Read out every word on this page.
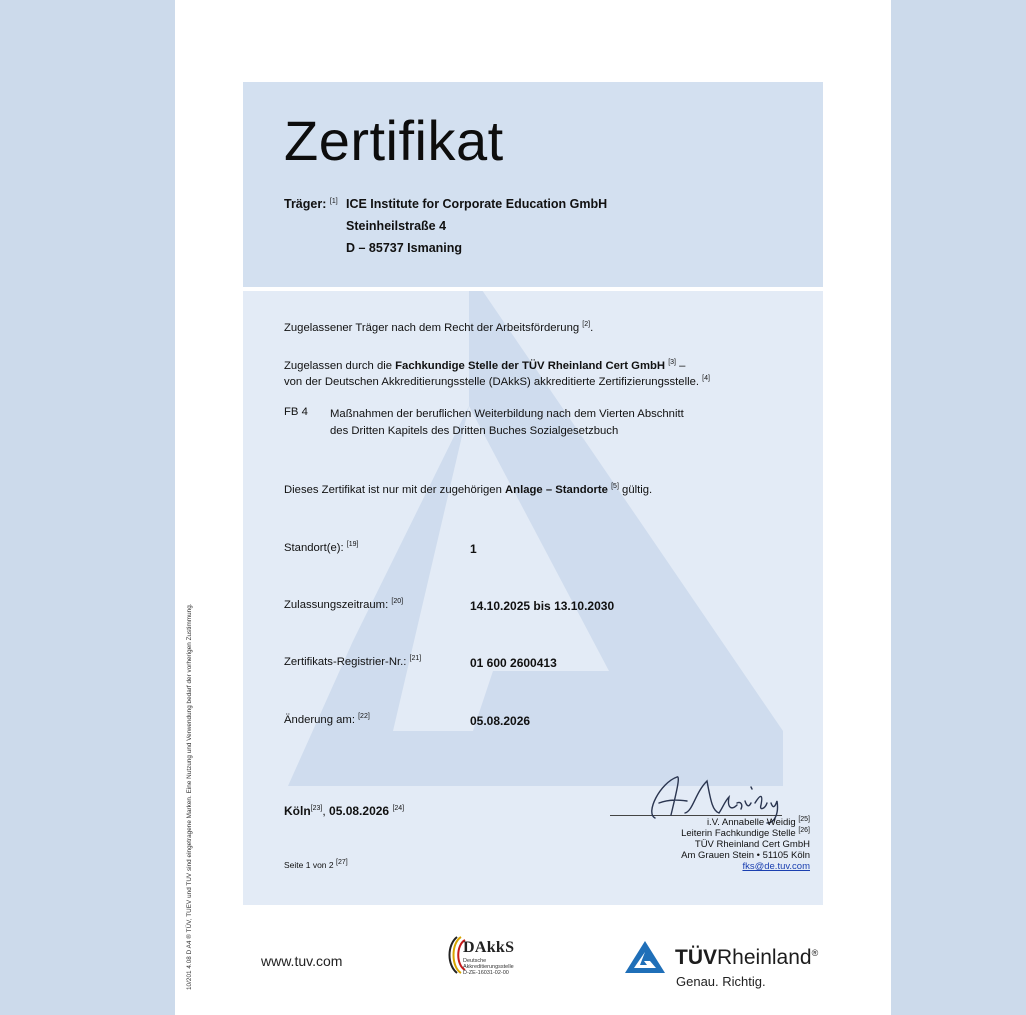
10/201 4.08 D A4 ® TÜV, TUEV und TUV sind eingetragene Marken. Eine Nutzung und Verwendung bedarf der vorherigen Zustimmung.
Zertifikat
Träger: [1] ICE Institute for Corporate Education GmbH
Steinheilstraße 4
D – 85737 Ismaning
Zugelassener Träger nach dem Recht der Arbeitsförderung [2].
Zugelassen durch die Fachkundige Stelle der TÜV Rheinland Cert GmbH [3] –
von der Deutschen Akkreditierungsstelle (DAkkS) akkreditierte Zertifizierungsstelle. [4]
FB 4 Maßnahmen der beruflichen Weiterbildung nach dem Vierten Abschnitt
des Dritten Kapitels des Dritten Buches Sozialgesetzbuch
Dieses Zertifikat ist nur mit der zugehörigen Anlage – Standorte [5] gültig.
Standort(e): [19]	1
Zulassungszeitraum: [20]	14.10.2025 bis 13.10.2030
Zertifikats-Registrier-Nr.: [21]	01 600 2600413
Änderung am: [22]	05.08.2026
Köln[23], 05.08.2026 [24]
Seite 1 von 2 [27]
i.V. Annabelle Weidig [25]
Leiterin Fachkundige Stelle [26]
TÜV Rheinland Cert GmbH
Am Grauen Stein • 51105 Köln
fks@de.tuv.com
www.tuv.com
DAkkS
Deutsche
Akkreditierungsstelle
D-ZE-16031-02-00
TÜVRheinland®
Genau. Richtig.
